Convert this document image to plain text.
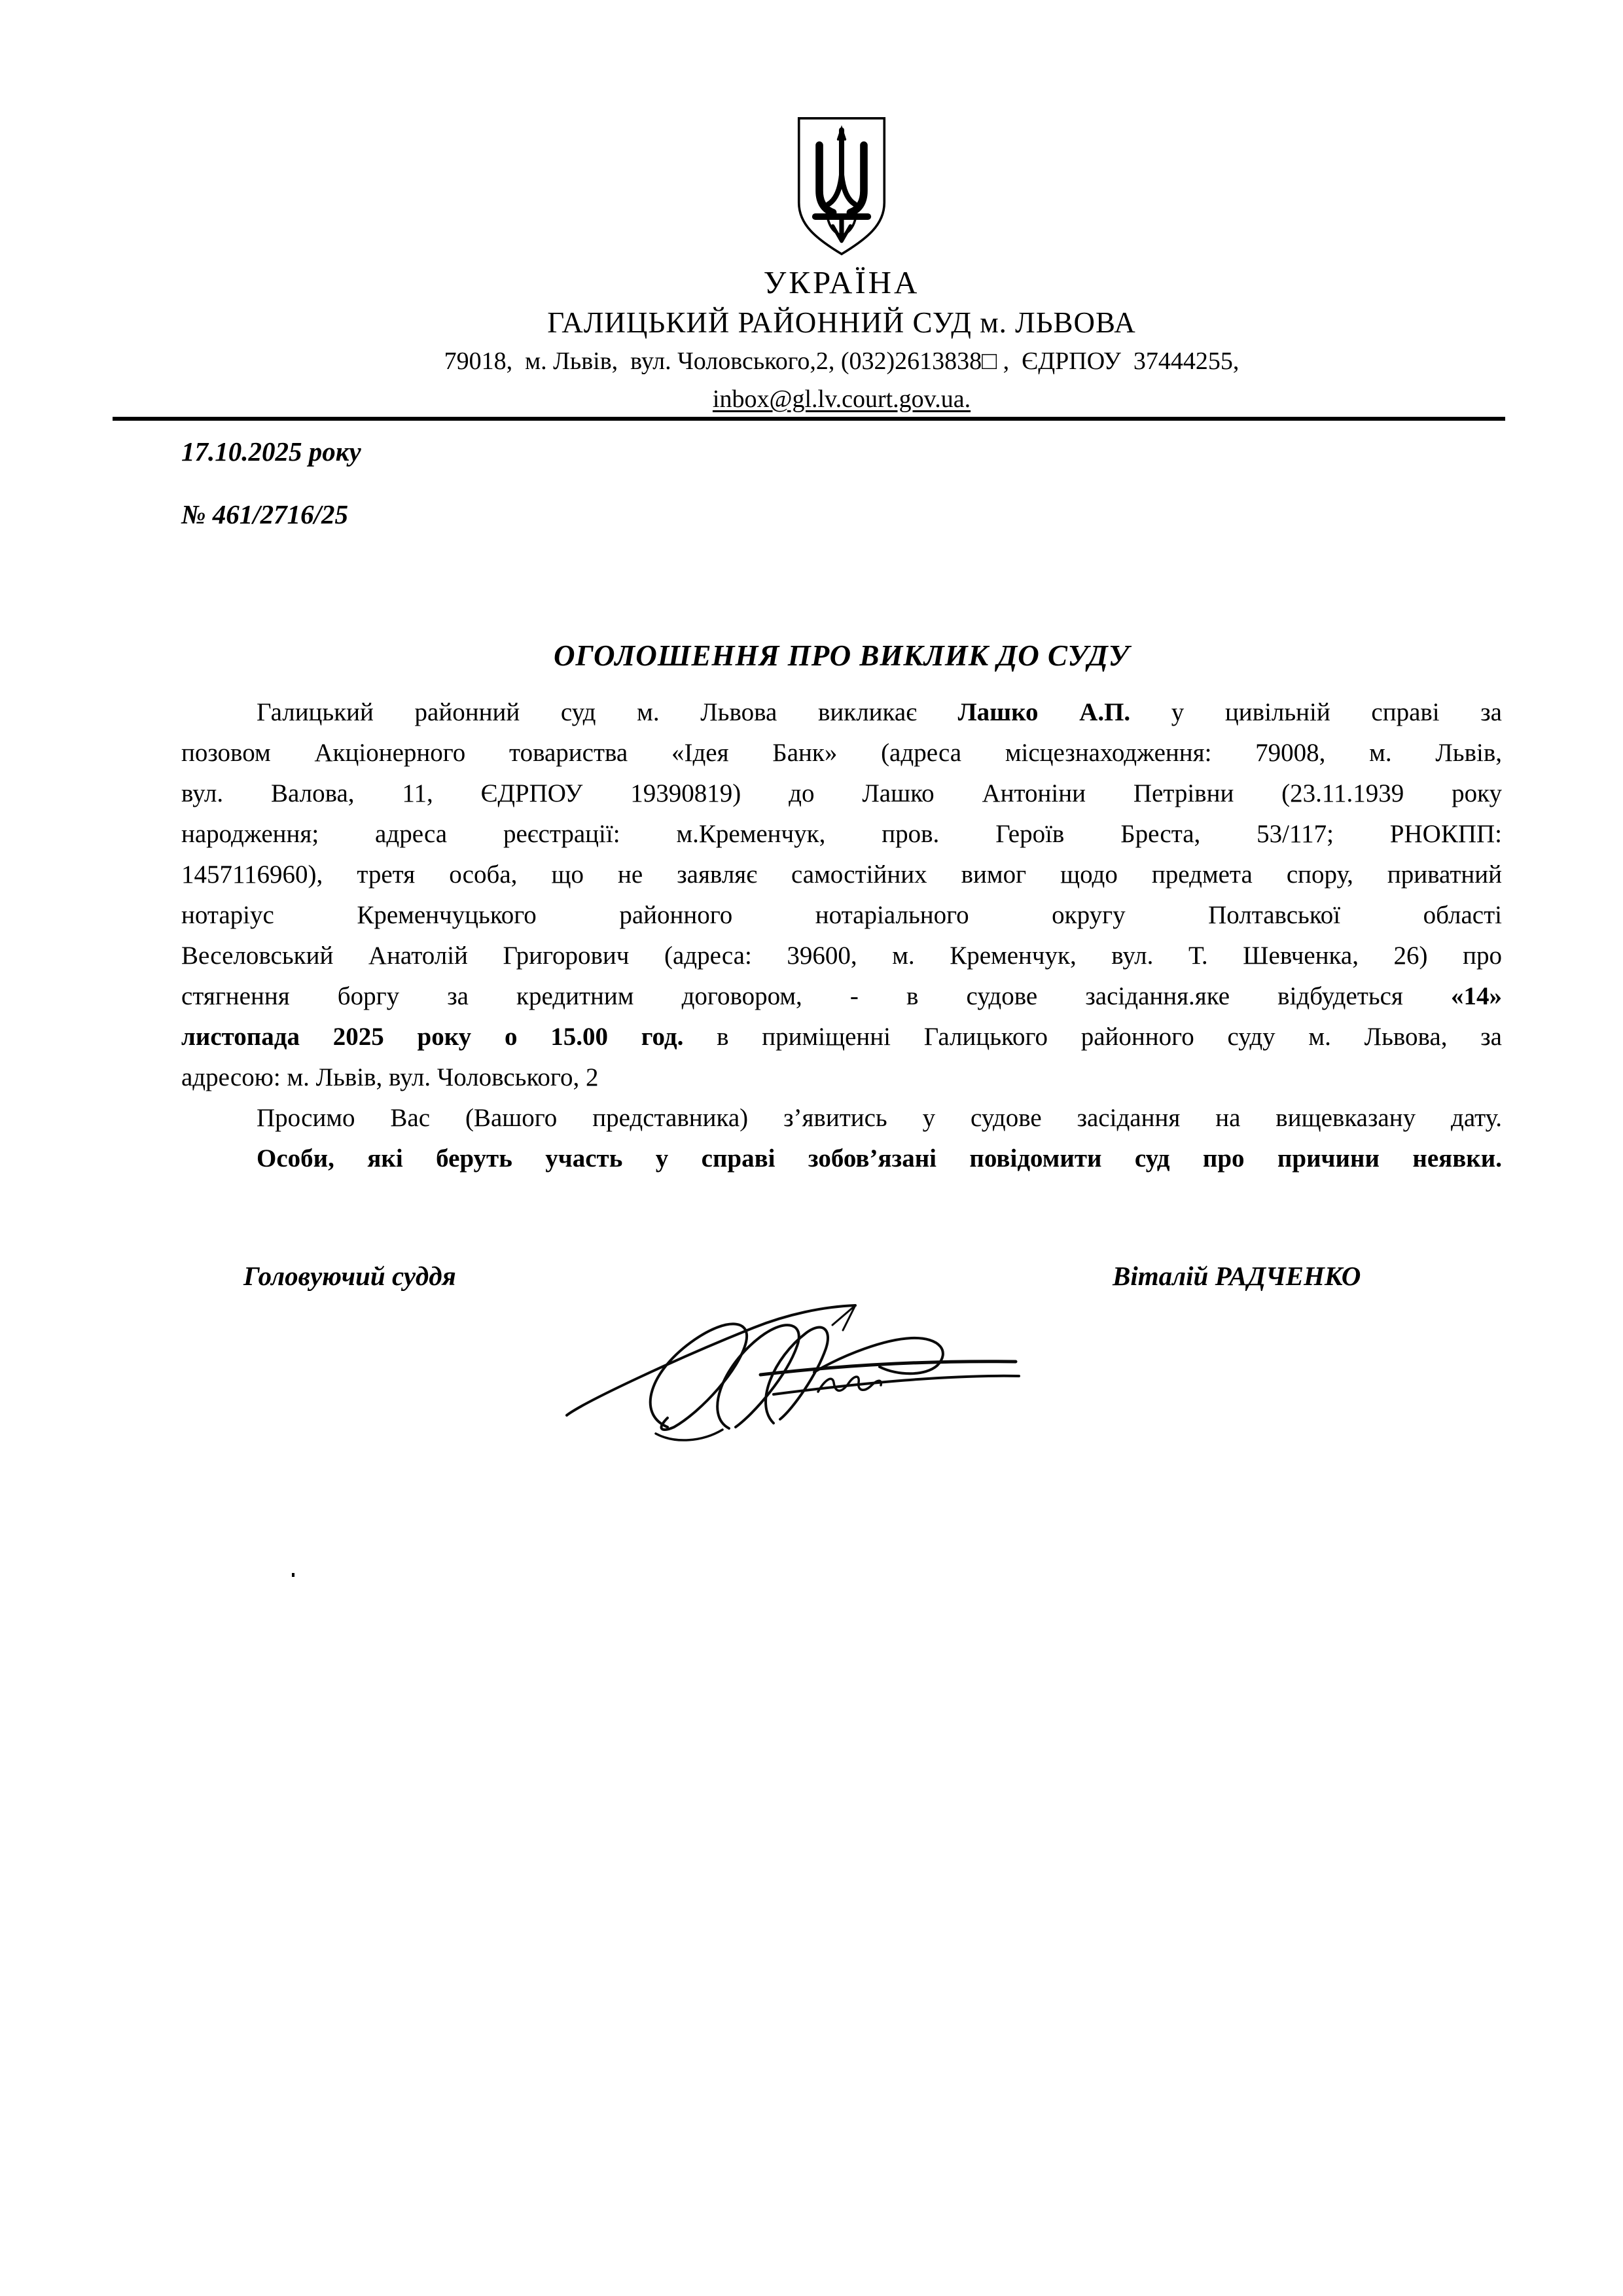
УКРАЇНА
ГАЛИЦЬКИЙ РАЙОННИЙ СУД м. ЛЬВОВА
79018,  м. Львів,  вул. Чоловського,2, (032)2613838□ ,  ЄДРПОУ  37444255,
inbox@gl.lv.court.gov.ua.
17.10.2025 року
№ 461/2716/25
ОГОЛОШЕННЯ ПРО ВИКЛИК ДО СУДУ
Галицький районний суд м. Львова викликає Лашко А.П. у цивільній справі за
позовом Акціонерного товариства «Ідея Банк» (адреса місцезнаходження: 79008, м. Львів,
вул. Валова, 11, ЄДРПОУ 19390819) до Лашко Антоніни Петрівни (23.11.1939 року
народження; адреса реєстрації: м.Кременчук, пров. Героїв Бреста, 53/117; РНОКПП:
1457116960), третя особа, що не заявляє самостійних вимог щодо предмета спору, приватний
нотаріус Кременчуцького районного нотаріального округу Полтавської області
Веселовський Анатолій Григорович (адреса: 39600, м. Кременчук, вул. Т. Шевченка, 26) про
стягнення боргу за кредитним договором, - в судове засідання.яке відбудеться «14»
листопада 2025 року о 15.00 год. в приміщенні Галицького районного суду м. Львова, за
адресою: м. Львів, вул. Чоловського, 2
Просимо Вас (Вашого представника) з’явитись у судове засідання на вищевказану дату.
Особи, які беруть участь у справі зобов’язані повідомити суд про причини неявки.
Головуючий суддя	Віталій РАДЧЕНКО
